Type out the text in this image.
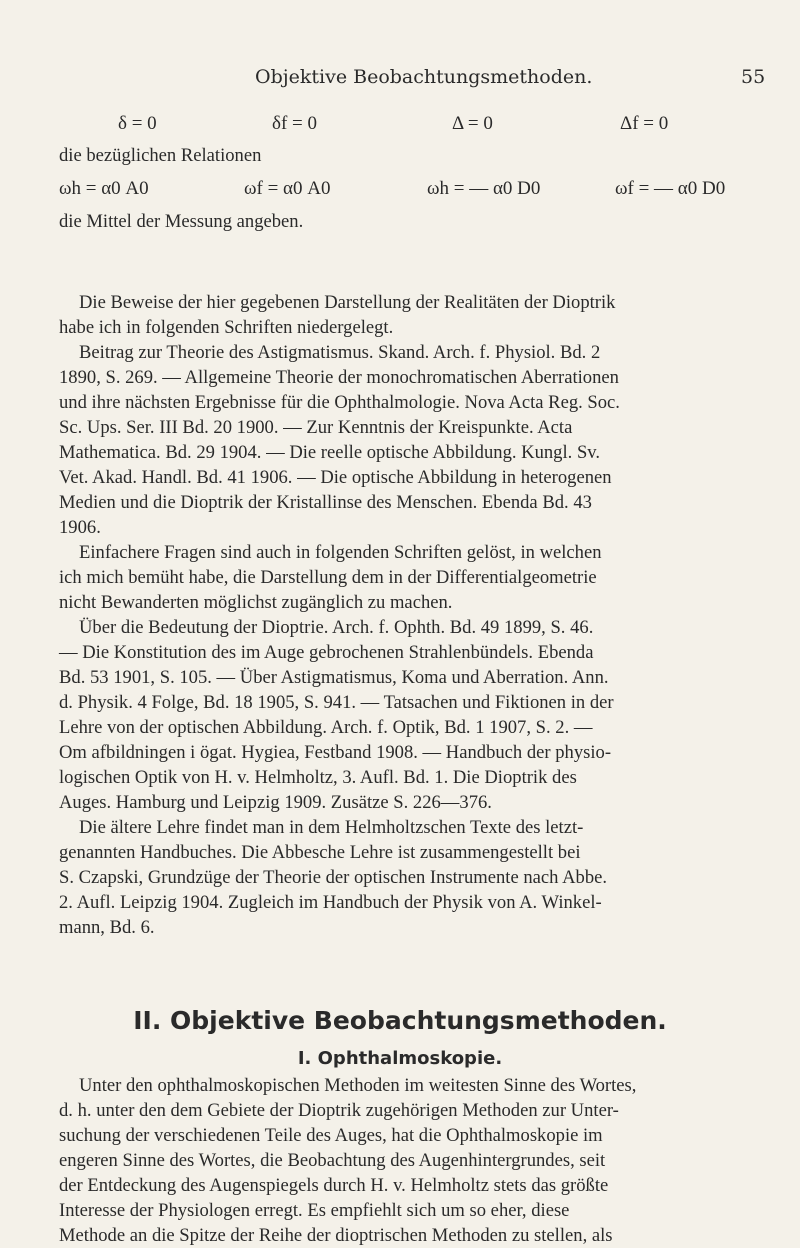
Objektive Beobachtungsmethoden.	55
δ = 0	δf = 0	Δ = 0	Δf = 0
die bezüglichen Relationen
ωh = α0 A0	ωf = α0 A0	ωh = — α0 D0	ωf = — α0 D0
die Mittel der Messung angeben.
Die Beweise der hier gegebenen Darstellung der Realitäten der Dioptrik
habe ich in folgenden Schriften niedergelegt.
Beitrag zur Theorie des Astigmatismus. Skand. Arch. f. Physiol. Bd. 2
1890, S. 269. — Allgemeine Theorie der monochromatischen Aberrationen
und ihre nächsten Ergebnisse für die Ophthalmologie. Nova Acta Reg. Soc.
Sc. Ups. Ser. III Bd. 20 1900. — Zur Kenntnis der Kreispunkte. Acta
Mathematica. Bd. 29 1904. — Die reelle optische Abbildung. Kungl. Sv.
Vet. Akad. Handl. Bd. 41 1906. — Die optische Abbildung in heterogenen
Medien und die Dioptrik der Kristallinse des Menschen. Ebenda Bd. 43
1906.
Einfachere Fragen sind auch in folgenden Schriften gelöst, in welchen
ich mich bemüht habe, die Darstellung dem in der Differentialgeometrie
nicht Bewanderten möglichst zugänglich zu machen.
Über die Bedeutung der Dioptrie. Arch. f. Ophth. Bd. 49 1899, S. 46.
— Die Konstitution des im Auge gebrochenen Strahlenbündels. Ebenda
Bd. 53 1901, S. 105. — Über Astigmatismus, Koma und Aberration. Ann.
d. Physik. 4 Folge, Bd. 18 1905, S. 941. — Tatsachen und Fiktionen in der
Lehre von der optischen Abbildung. Arch. f. Optik, Bd. 1 1907, S. 2. —
Om afbildningen i ögat. Hygiea, Festband 1908. — Handbuch der physio-
logischen Optik von H. v. Helmholtz, 3. Aufl. Bd. 1. Die Dioptrik des
Auges. Hamburg und Leipzig 1909. Zusätze S. 226—376.
Die ältere Lehre findet man in dem Helmholtzschen Texte des letzt-
genannten Handbuches. Die Abbesche Lehre ist zusammengestellt bei
S. Czapski, Grundzüge der Theorie der optischen Instrumente nach Abbe.
2. Aufl. Leipzig 1904. Zugleich im Handbuch der Physik von A. Winkel-
mann, Bd. 6.
II. Objektive Beobachtungsmethoden.
I. Ophthalmoskopie.
Unter den ophthalmoskopischen Methoden im weitesten Sinne des Wortes,
d. h. unter den dem Gebiete der Dioptrik zugehörigen Methoden zur Unter-
suchung der verschiedenen Teile des Auges, hat die Ophthalmoskopie im
engeren Sinne des Wortes, die Beobachtung des Augenhintergrundes, seit
der Entdeckung des Augenspiegels durch H. v. Helmholtz stets das größte
Interesse der Physiologen erregt. Es empfiehlt sich um so eher, diese
Methode an die Spitze der Reihe der dioptrischen Methoden zu stellen, als
